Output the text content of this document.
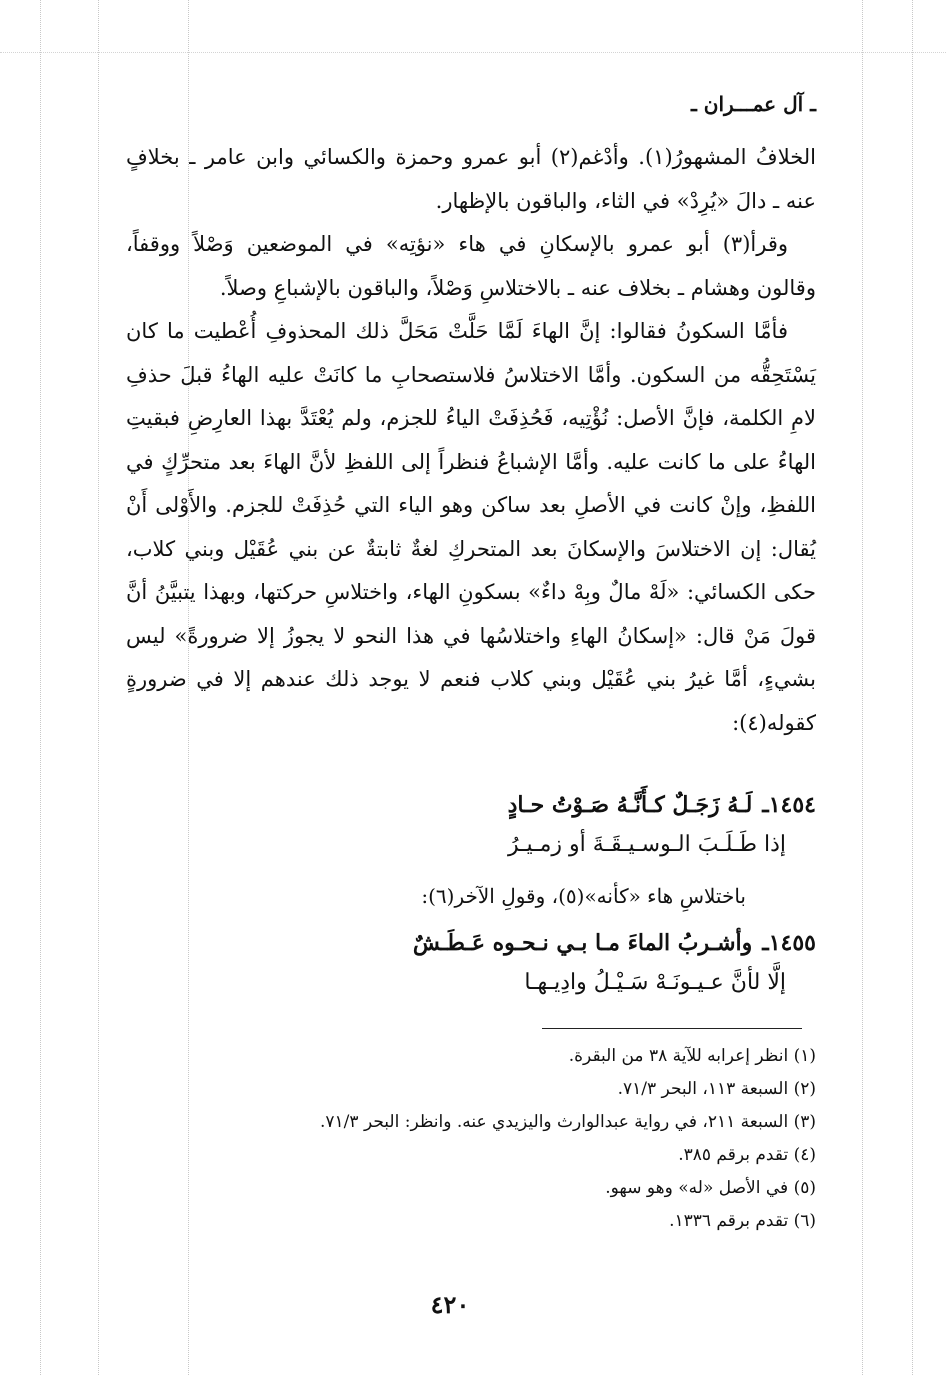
ـ آل عمـــران ـ

الخلافُ المشهورُ(١). وأدْغم(٢) أبو عمرو وحمزة والكسائي وابن عامر ـ بخلافٍ عنه ـ دالَ «يُرِدْ» في الثاء، والباقون بالإظهار.

وقرأ(٣) أبو عمرو بالإسكانِ في هاء «نؤتِه» في الموضعين وَصْلاً ووقفاً، وقالون وهشام ـ بخلاف عنه ـ بالاختلاسِ وَصْلاً، والباقون بالإشباعِ وصلاً.

فأمَّا السكونُ فقالوا: إنَّ الهاءَ لَمَّا حَلَّتْ مَحَلَّ ذلك المحذوفِ أُعْطيت ما كان يَسْتَحِقُّه من السكون. وأمَّا الاختلاسُ فلاستصحابِ ما كانَتْ عليه الهاءُ قبلَ حذفِ لامِ الكلمة، فإنَّ الأصل: نُؤْتِيه، فَحُذِفَتْ الياءُ للجزم، ولم يُعْتَدَّ بهذا العارِضِ فبقيتِ الهاءُ على ما كانت عليه. وأمَّا الإشباعُ فنظراً إلى اللفظِ لأنَّ الهاءَ بعد متحرِّكٍ في اللفظِ، وإنْ كانت في الأصلِ بعد ساكن وهو الياء التي حُذِفَتْ للجزم. والأَوْلى أَنْ يُقال: إن الاختلاسَ والإسكانَ بعد المتحركِ لغةٌ ثابتةٌ عن بني عُقَيْل وبني كلاب، حكى الكسائي: «لَهْ مالٌ وبِهْ داءٌ» بسكونِ الهاء، واختلاسِ حركتها، وبهذا يتبيَّنُ أنَّ قولَ مَنْ قال: «إسكانُ الهاءِ واختلاسُها في هذا النحو لا يجوزُ إلا ضرورةً» ليس بشيءٍ، أمَّا غيرُ بني عُقَيْل وبني كلاب فنعم لا يوجد ذلك عندهم إلا في ضرورةٍ كقوله(٤):

١٤٥٤ـ
لَـهُ زَجَـلٌ كـأَنَّـهُ صَـوْتُ حـادٍ
إذا طَـلَـبَ الـوسـيـقَـةَ أو زمـيـرُ
باختلاسِ هاء «كأنه»(٥)، وقولِ الآخر(٦):
١٤٥٥ـ
وأشـربُ الماءَ مـا بـي نـحـوه عَـطَـشٌ
إلَّا لأنَّ عـيـونَـهْ سَـيْـلُ وادِيـهـا
(١) انظر إعرابه للآية ٣٨ من البقرة.
(٢) السبعة ١١٣، البحر ٧١/٣.
(٣) السبعة ٢١١، في رواية عبدالوارث واليزيدي عنه. وانظر: البحر ٧١/٣.
(٤) تقدم برقم ٣٨٥.
(٥) في الأصل «له» وهو سهو.
(٦) تقدم برقم ١٣٣٦.
٤٢٠
